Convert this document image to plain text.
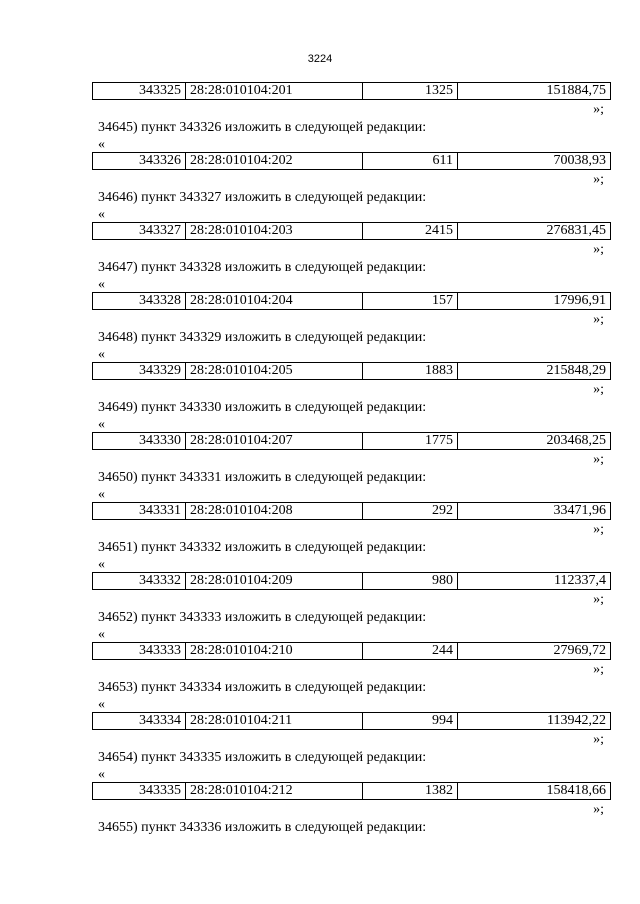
3224
343325	28:28:010104:201	1325	151884,75
»;
34645) пункт 343326 изложить в следующей редакции:
«
343326	28:28:010104:202	611	70038,93
»;
34646) пункт 343327 изложить в следующей редакции:
«
343327	28:28:010104:203	2415	276831,45
»;
34647) пункт 343328 изложить в следующей редакции:
«
343328	28:28:010104:204	157	17996,91
»;
34648) пункт 343329 изложить в следующей редакции:
«
343329	28:28:010104:205	1883	215848,29
»;
34649) пункт 343330 изложить в следующей редакции:
«
343330	28:28:010104:207	1775	203468,25
»;
34650) пункт 343331 изложить в следующей редакции:
«
343331	28:28:010104:208	292	33471,96
»;
34651) пункт 343332 изложить в следующей редакции:
«
343332	28:28:010104:209	980	112337,4
»;
34652) пункт 343333 изложить в следующей редакции:
«
343333	28:28:010104:210	244	27969,72
»;
34653) пункт 343334 изложить в следующей редакции:
«
343334	28:28:010104:211	994	113942,22
»;
34654) пункт 343335 изложить в следующей редакции:
«
343335	28:28:010104:212	1382	158418,66
»;
34655) пункт 343336 изложить в следующей редакции:
